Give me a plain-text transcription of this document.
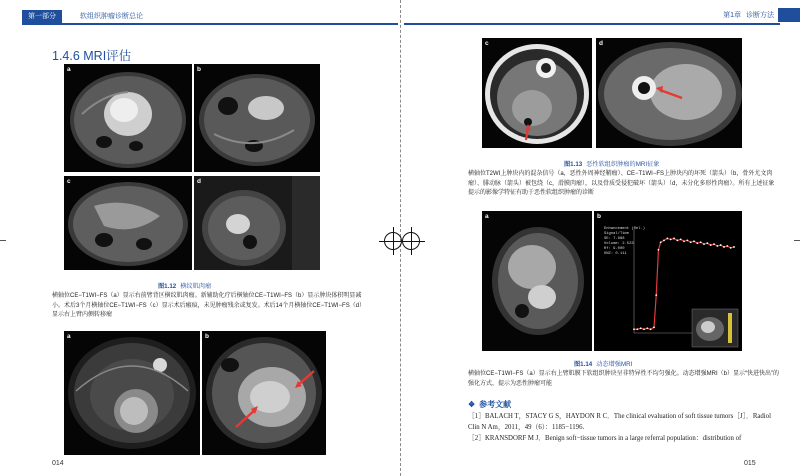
第一部分	软组织肿瘤诊断总论
1.4.6 MRI评估
a	b
c	d
图1.12 横纹肌肉瘤
横轴位CE−T1WI−FS（a）显示右前臂背区横纹肌肉瘤。新辅助化疗后横轴位CE−T1WI−FS（b）显示肿块体积明显减小。术后3个月横轴位CE−T1WI−FS（c）显示术后瘢痕，未见肿瘤残余或复发。术后14个月横轴位CE−T1WI−FS（d）显示右上臂内侧转移瘤
a	b
014
第1章 诊断方法
c	d
图1.13 恶性软组织肿瘤的MRI征象
横轴位T2WI上肿块内的混杂信号（a，恶性外周神经鞘瘤）、CE−T1WI−FS上肿块内的坏死（箭头）（b，骨外尤文肉瘤）、腓动脉（箭头）被包绕（c，滑膜肉瘤），以及骨质受侵犯破坏（箭头）（d，未分化多形性肉瘤）。所有上述征象提示的影像学特征有助于恶性软组织肿瘤的诊断
a	b
Enhancement (Rel.)
Signal/Time
SE: 7.888
Volume: 2.523
Rf: 9.000
ONZ: 0.111
图1.14 动态增强MRI
横轴位CE−T1WI−FS（a）显示右上臂肌膜下软组织肿块呈非特异性不均匀强化。动态增强MRI（b）显示“快进快出”的强化方式，提示为恶性肿瘤可能
❖ 参考文献
［1］BALACH T，STACY G S，HAYDON R C．The clinical evaluation of soft tissue tumors［J］．Radiol Clin N Am，2011，49（6）：1185−1196.
［2］KRANSDORF M J．Benign soft−tissue tumors in a large referral population：distribution of
015
